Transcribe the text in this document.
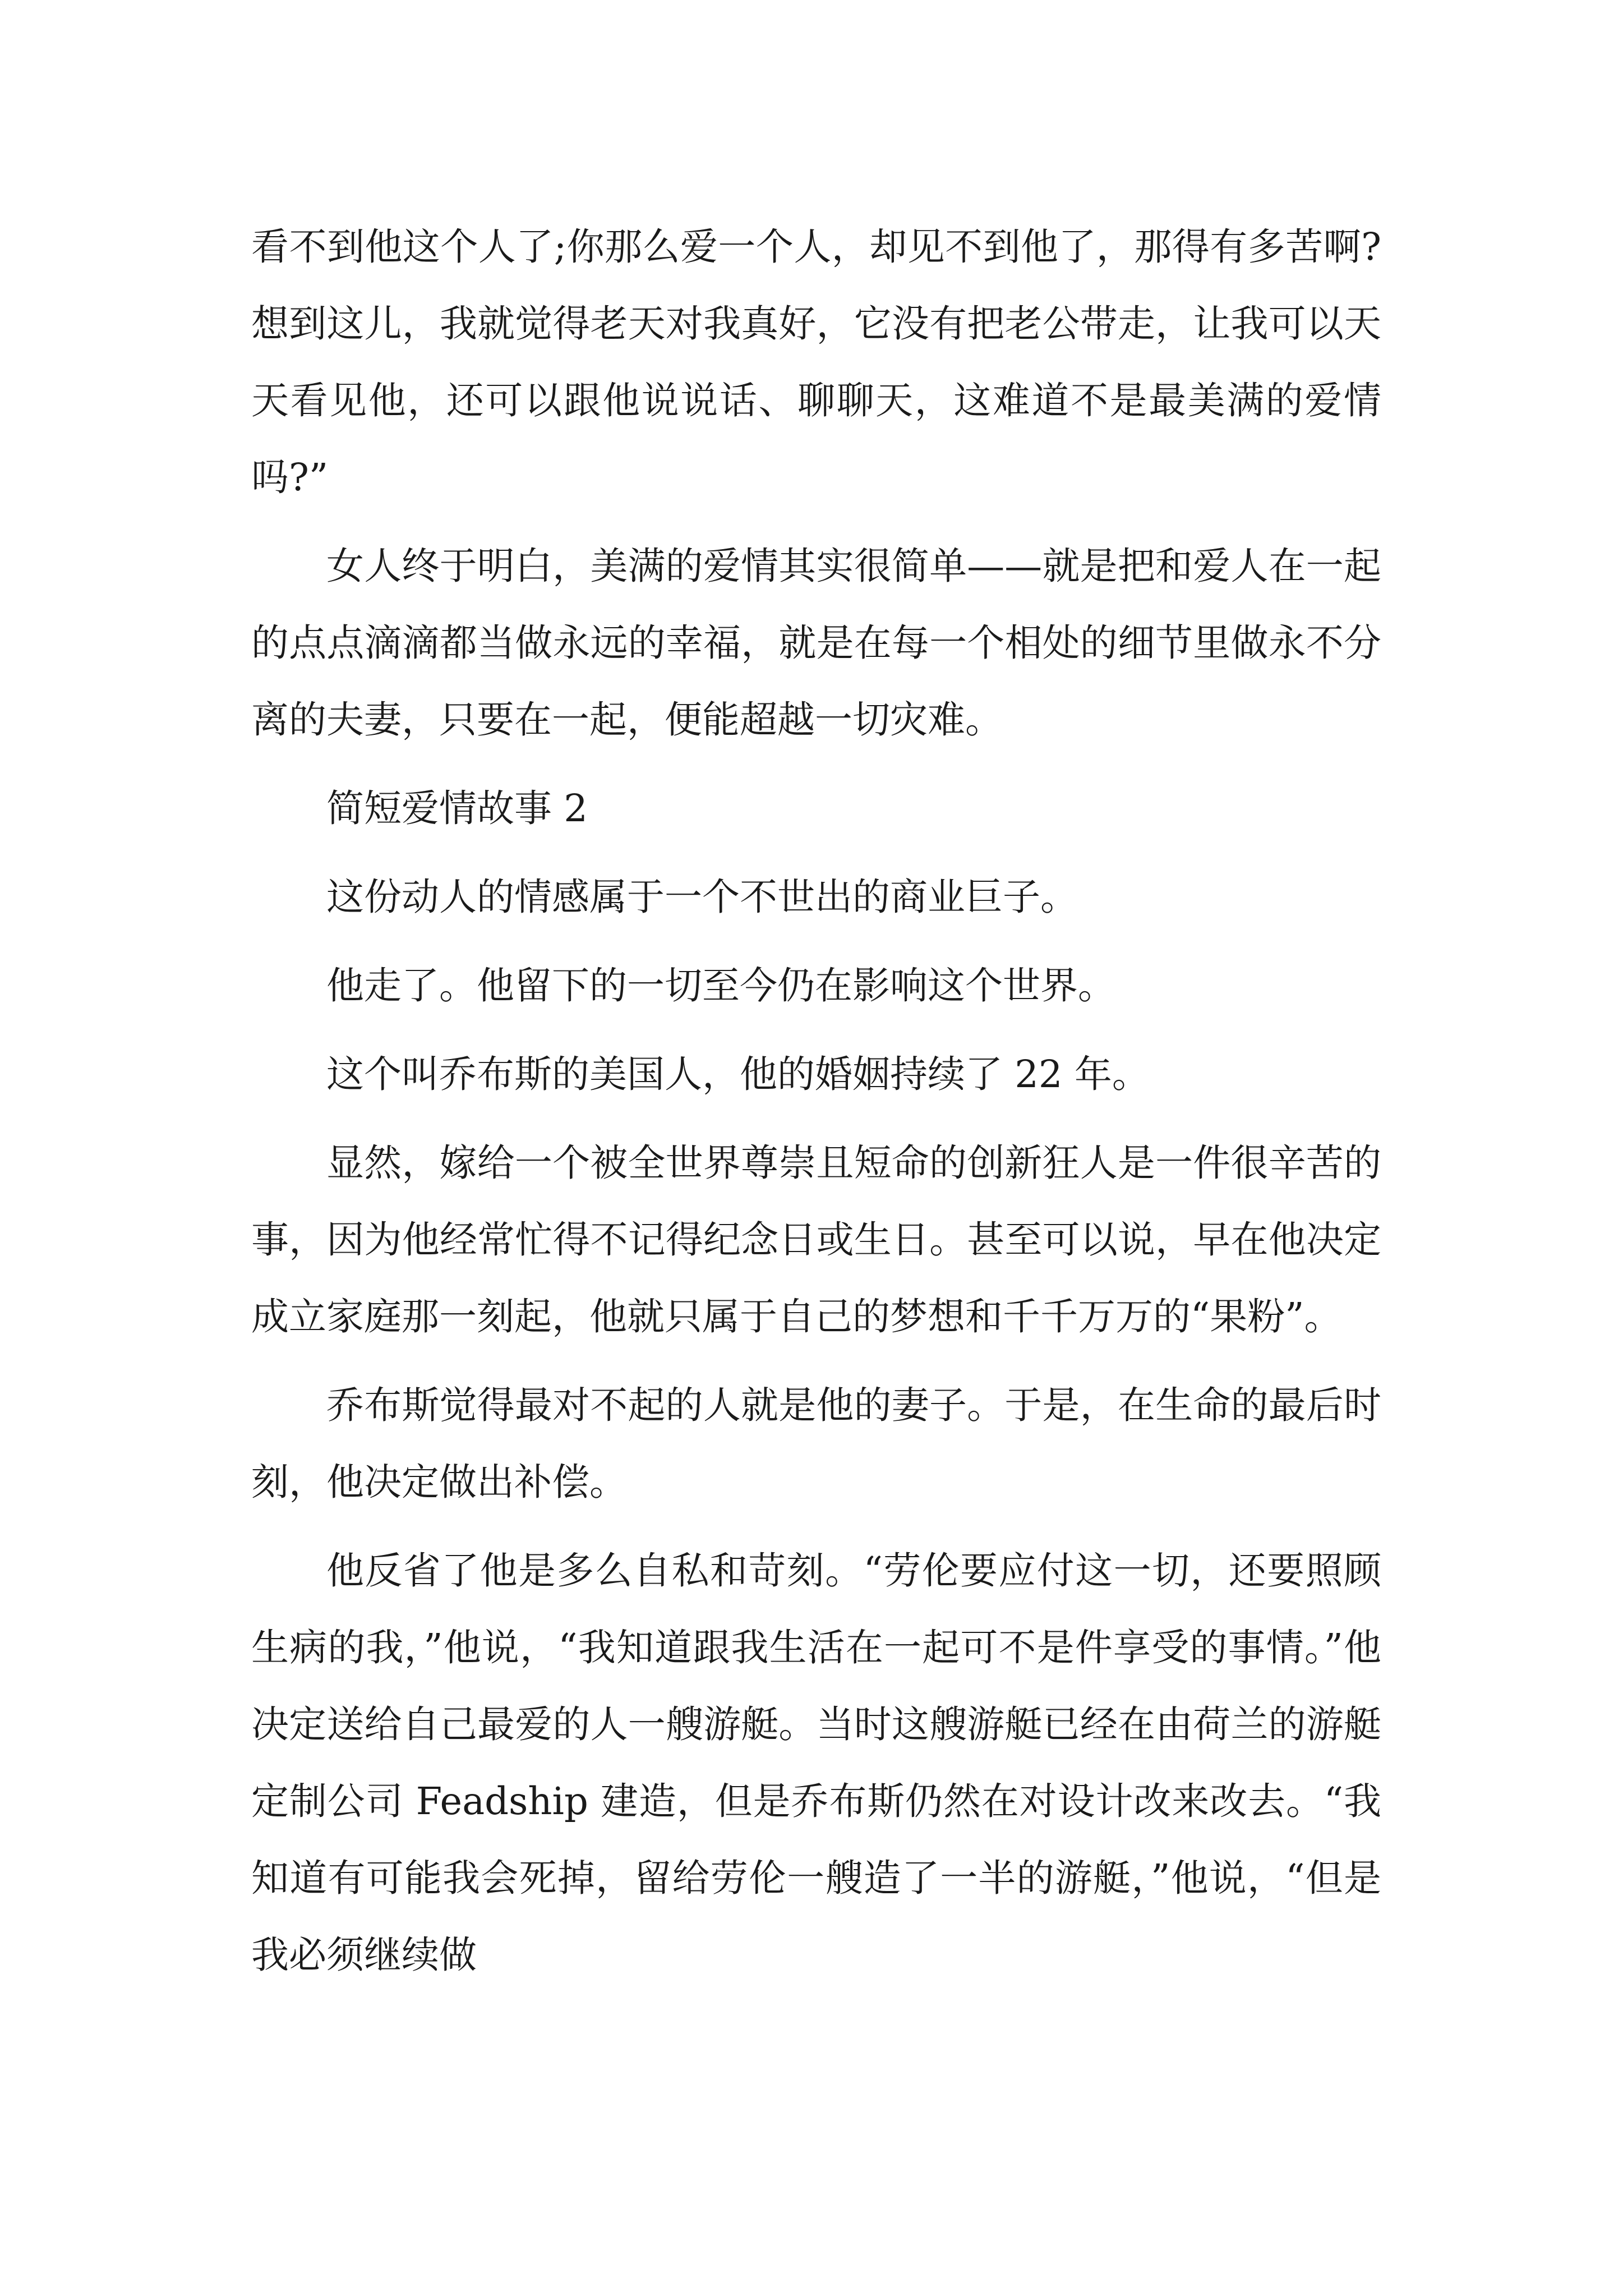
看不到他这个人了;你那么爱一个人，却见不到他了，那得有多苦啊?想到这儿，我就觉得老天对我真好，它没有把老公带走，让我可以天天看见他，还可以跟他说说话、聊聊天，这难道不是最美满的爱情吗?”

女人终于明白，美满的爱情其实很简单——就是把和爱人在一起的点点滴滴都当做永远的幸福，就是在每一个相处的细节里做永不分离的夫妻，只要在一起，便能超越一切灾难。

简短爱情故事 2

这份动人的情感属于一个不世出的商业巨子。

他走了。他留下的一切至今仍在影响这个世界。

这个叫乔布斯的美国人，他的婚姻持续了 22 年。

显然，嫁给一个被全世界尊崇且短命的创新狂人是一件很辛苦的事，因为他经常忙得不记得纪念日或生日。甚至可以说，早在他决定成立家庭那一刻起，他就只属于自己的梦想和千千万万的“果粉”。

乔布斯觉得最对不起的人就是他的妻子。于是，在生命的最后时刻，他决定做出补偿。

他反省了他是多么自私和苛刻。“劳伦要应付这一切，还要照顾生病的我，”他说，“我知道跟我生活在一起可不是件享受的事情。”他决定送给自己最爱的人一艘游艇。当时这艘游艇已经在由荷兰的游艇定制公司 Feadship 建造，但是乔布斯仍然在对设计改来改去。“我知道有可能我会死掉，留给劳伦一艘造了一半的游艇，”他说，“但是我必须继续做
